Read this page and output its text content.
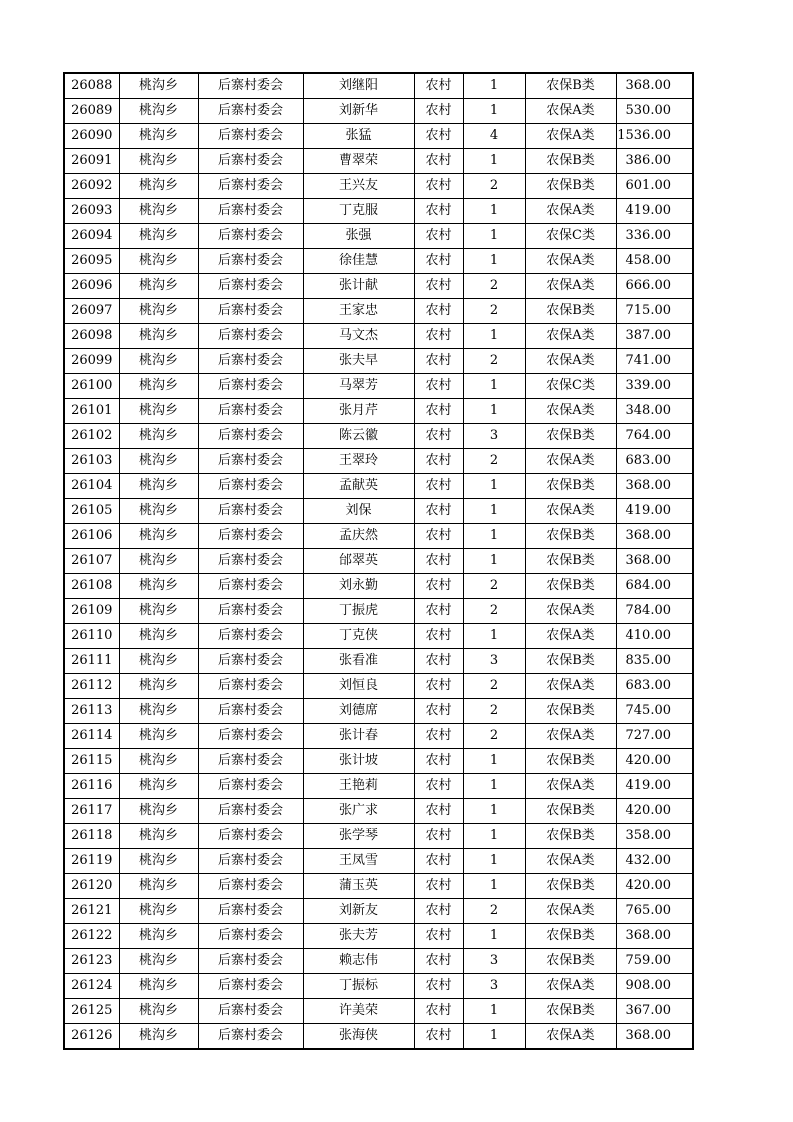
26088	桃沟乡	后寨村委会	刘继阳	农村	1	农保B类	368.00
26089	桃沟乡	后寨村委会	刘新华	农村	1	农保A类	530.00
26090	桃沟乡	后寨村委会	张猛	农村	4	农保A类	1536.00
26091	桃沟乡	后寨村委会	曹翠荣	农村	1	农保B类	386.00
26092	桃沟乡	后寨村委会	王兴友	农村	2	农保B类	601.00
26093	桃沟乡	后寨村委会	丁克服	农村	1	农保A类	419.00
26094	桃沟乡	后寨村委会	张强	农村	1	农保C类	336.00
26095	桃沟乡	后寨村委会	徐佳慧	农村	1	农保A类	458.00
26096	桃沟乡	后寨村委会	张计献	农村	2	农保A类	666.00
26097	桃沟乡	后寨村委会	王家忠	农村	2	农保B类	715.00
26098	桃沟乡	后寨村委会	马文杰	农村	1	农保A类	387.00
26099	桃沟乡	后寨村委会	张夫早	农村	2	农保A类	741.00
26100	桃沟乡	后寨村委会	马翠芳	农村	1	农保C类	339.00
26101	桃沟乡	后寨村委会	张月芹	农村	1	农保A类	348.00
26102	桃沟乡	后寨村委会	陈云徽	农村	3	农保B类	764.00
26103	桃沟乡	后寨村委会	王翠玲	农村	2	农保A类	683.00
26104	桃沟乡	后寨村委会	孟献英	农村	1	农保B类	368.00
26105	桃沟乡	后寨村委会	刘保	农村	1	农保A类	419.00
26106	桃沟乡	后寨村委会	孟庆然	农村	1	农保B类	368.00
26107	桃沟乡	后寨村委会	邰翠英	农村	1	农保B类	368.00
26108	桃沟乡	后寨村委会	刘永勤	农村	2	农保B类	684.00
26109	桃沟乡	后寨村委会	丁振虎	农村	2	农保A类	784.00
26110	桃沟乡	后寨村委会	丁克侠	农村	1	农保A类	410.00
26111	桃沟乡	后寨村委会	张看准	农村	3	农保B类	835.00
26112	桃沟乡	后寨村委会	刘恒良	农村	2	农保A类	683.00
26113	桃沟乡	后寨村委会	刘德席	农村	2	农保B类	745.00
26114	桃沟乡	后寨村委会	张计春	农村	2	农保A类	727.00
26115	桃沟乡	后寨村委会	张计坡	农村	1	农保B类	420.00
26116	桃沟乡	后寨村委会	王艳莉	农村	1	农保A类	419.00
26117	桃沟乡	后寨村委会	张广求	农村	1	农保B类	420.00
26118	桃沟乡	后寨村委会	张学琴	农村	1	农保B类	358.00
26119	桃沟乡	后寨村委会	王凤雪	农村	1	农保A类	432.00
26120	桃沟乡	后寨村委会	蒲玉英	农村	1	农保B类	420.00
26121	桃沟乡	后寨村委会	刘新友	农村	2	农保A类	765.00
26122	桃沟乡	后寨村委会	张夫芳	农村	1	农保B类	368.00
26123	桃沟乡	后寨村委会	赖志伟	农村	3	农保B类	759.00
26124	桃沟乡	后寨村委会	丁振标	农村	3	农保A类	908.00
26125	桃沟乡	后寨村委会	许美荣	农村	1	农保B类	367.00
26126	桃沟乡	后寨村委会	张海侠	农村	1	农保A类	368.00
